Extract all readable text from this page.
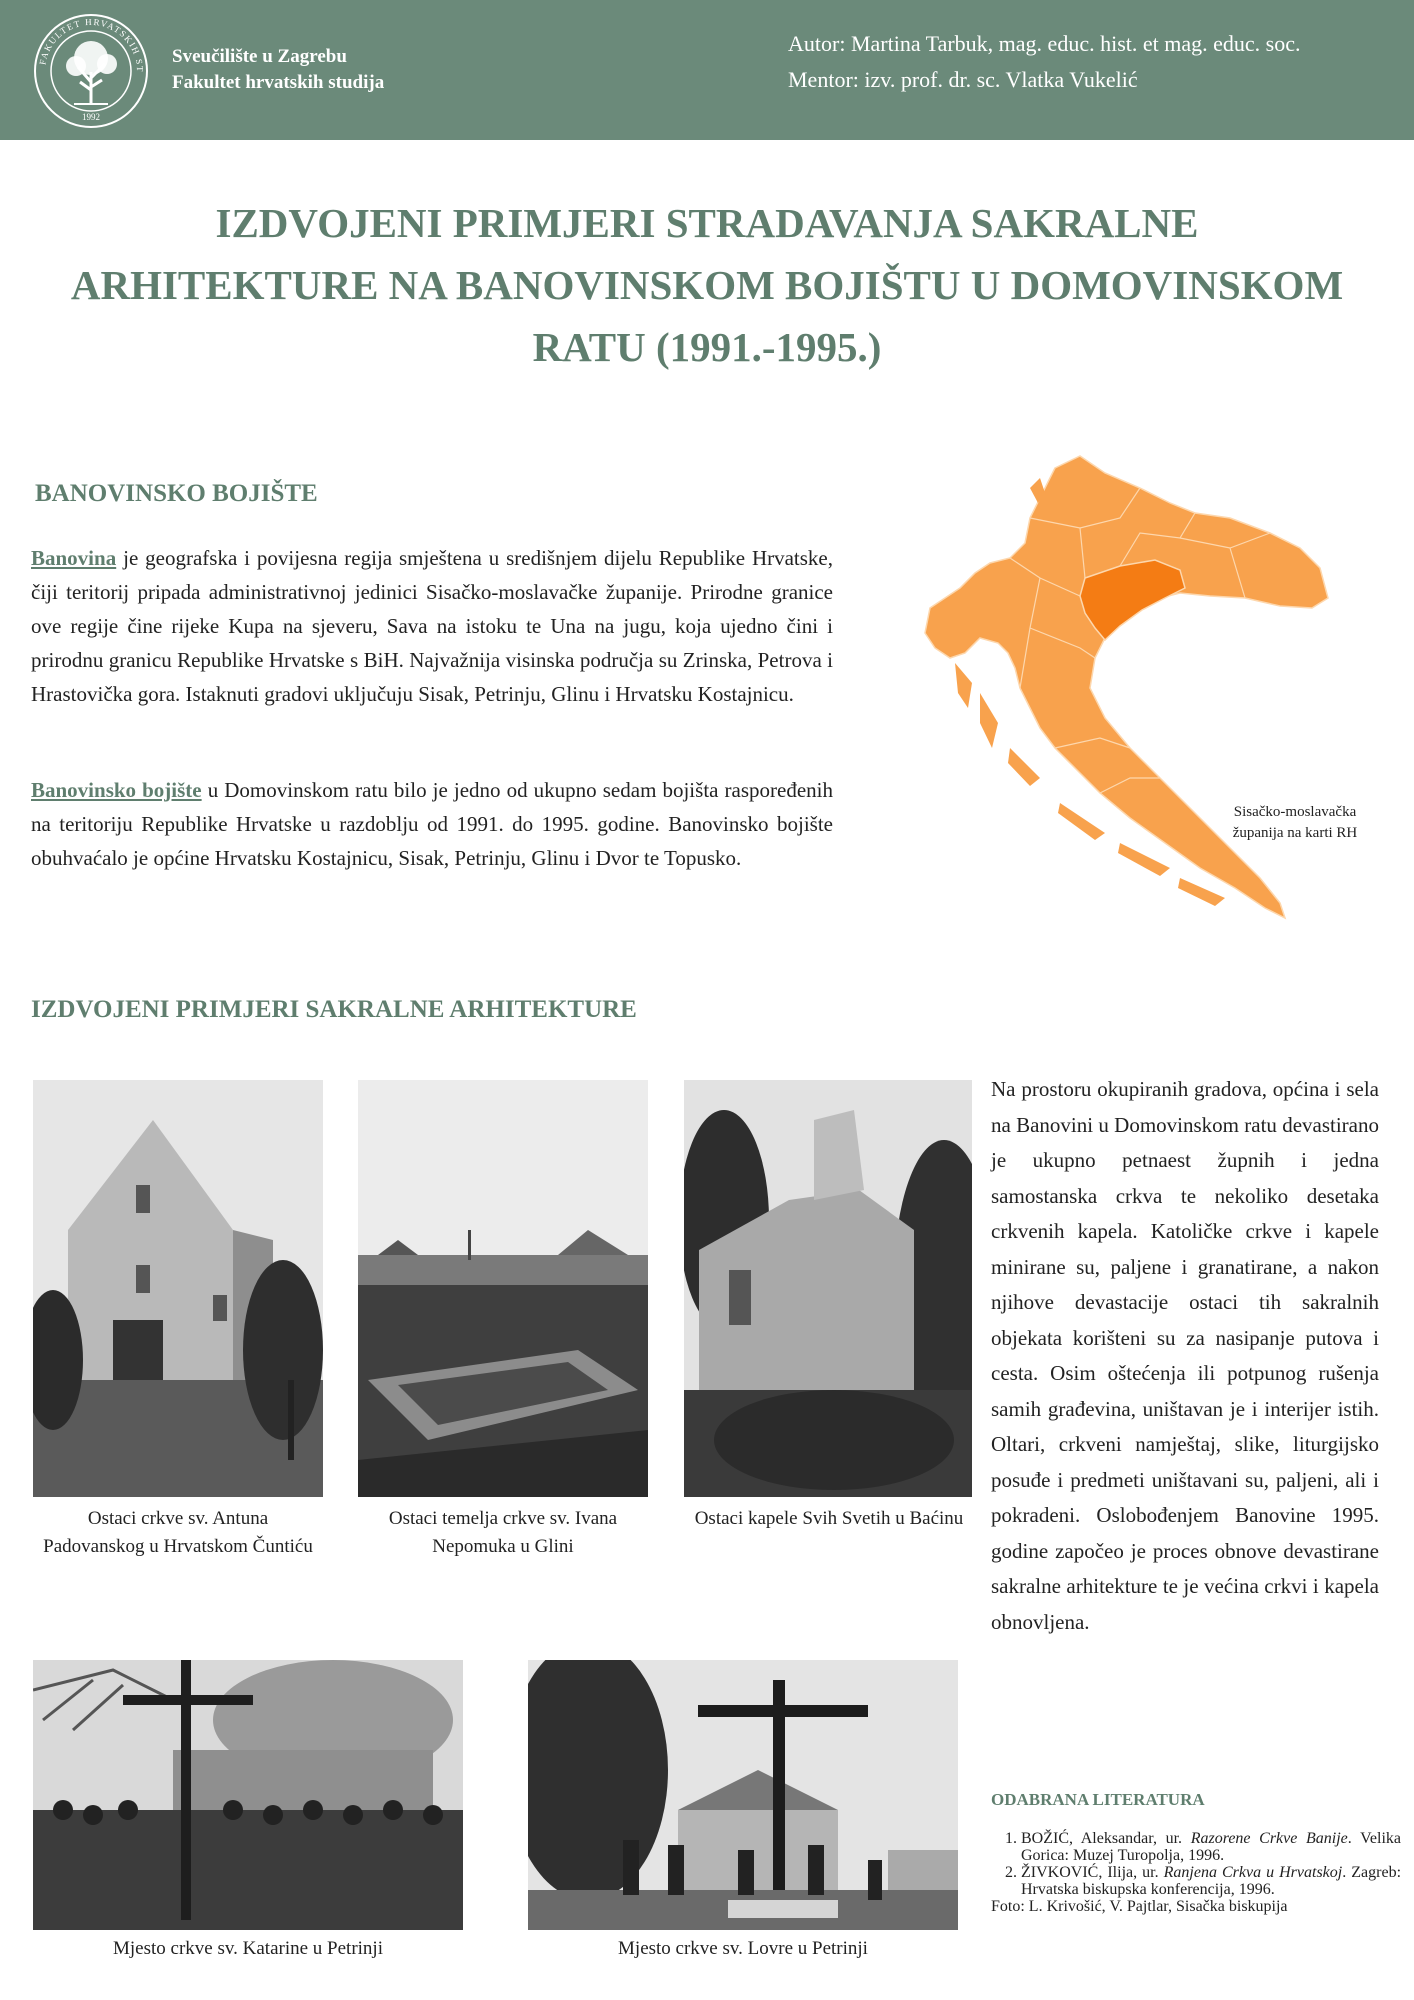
FAKULTET HRVATSKIH ST
1992
Sveučilište u Zagrebu
Fakultet hrvatskih studija
Autor: Martina Tarbuk, mag. educ. hist. et mag. educ. soc.
Mentor: izv. prof. dr. sc. Vlatka Vukelić
IZDVOJENI PRIMJERI STRADAVANJA SAKRALNE
ARHITEKTURE NA BANOVINSKOM BOJIŠTU U DOMOVINSKOM
RATU (1991.-1995.)
BANOVINSKO BOJIŠTE
Banovina je geografska i povijesna regija smještena u središnjem dijelu Republike Hrvatske, čiji teritorij pripada administrativnoj jedinici Sisačko-moslavačke županije. Prirodne granice ove regije čine rijeke Kupa na sjeveru, Sava na istoku te Una na jugu, koja ujedno čini i prirodnu granicu Republike Hrvatske s BiH. Najvažnija visinska područja su Zrinska, Petrova i Hrastovička gora. Istaknuti gradovi uključuju Sisak, Petrinju, Glinu i Hrvatsku Kostajnicu.
Banovinsko bojište u Domovinskom ratu bilo je jedno od ukupno sedam bojišta raspoređenih na teritoriju Republike Hrvatske u razdoblju od 1991. do 1995. godine. Banovinsko bojište obuhvaćalo je općine Hrvatsku Kostajnicu, Sisak, Petrinju, Glinu i Dvor te Topusko.
Sisačko-moslavačka županija na karti RH
IZDVOJENI PRIMJERI SAKRALNE ARHITEKTURE
Ostaci crkve sv. Antuna Padovanskog u Hrvatskom Čuntiću
Ostaci temelja crkve sv. Ivana Nepomuka u Glini
Ostaci kapele Svih Svetih u Baćinu
Mjesto crkve sv. Katarine u Petrinji	Mjesto crkve sv. Lovre u Petrinji
Na prostoru okupiranih gradova, općina i sela na Banovini u Domovinskom ratu devastirano je ukupno petnaest župnih i jedna samostanska crkva te nekoliko desetaka crkvenih kapela. Katoličke crkve i kapele minirane su, paljene i granatirane, a nakon njihove devastacije ostaci tih sakralnih objekata korišteni su za nasipanje putova i cesta. Osim oštećenja ili potpunog rušenja samih građevina, uništavan je i interijer istih. Oltari, crkveni namještaj, slike, liturgijsko posuđe i predmeti uništavani su, paljeni, ali i pokradeni. Oslobođenjem Banovine 1995. godine započeo je proces obnove devastirane sakralne arhitekture te je većina crkvi i kapela obnovljena.
ODABRANA LITERATURA
1. BOŽIĆ, Aleksandar, ur. Razorene Crkve Banije. Velika Gorica: Muzej Turopolja, 1996.
2. ŽIVKOVIĆ, Ilija, ur. Ranjena Crkva u Hrvatskoj. Zagreb: Hrvatska biskupska konferencija, 1996.
Foto: L. Krivošić, V. Pajtlar, Sisačka biskupija
